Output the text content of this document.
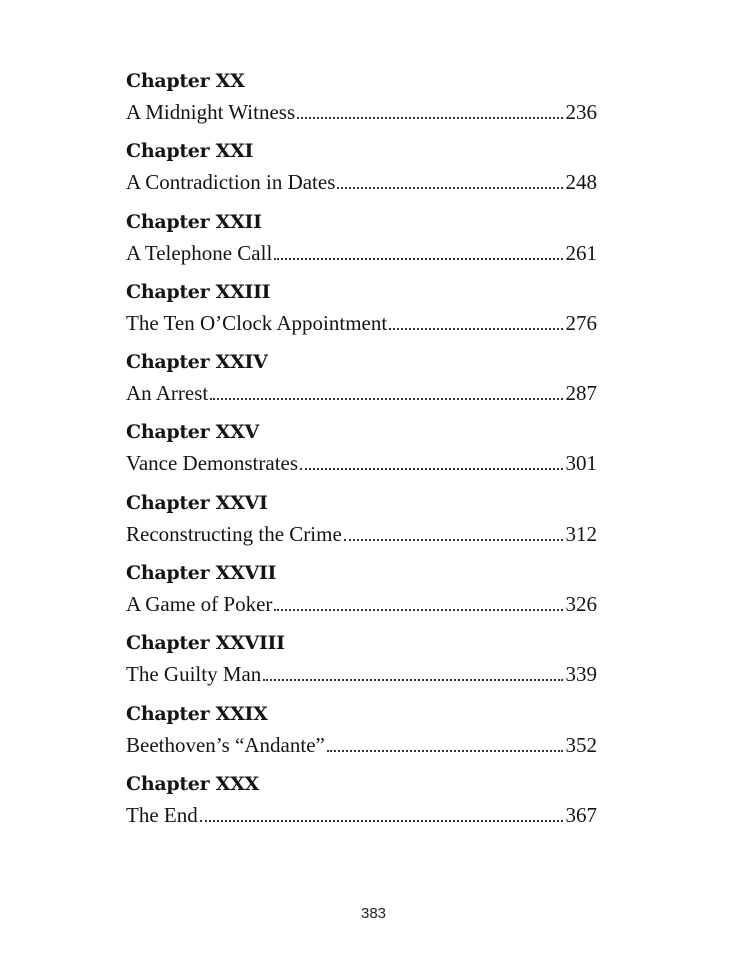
Chapter XX
A Midnight Witness	236
Chapter XXI
A Contradiction in Dates	248
Chapter XXII
A Telephone Call	261
Chapter XXIII
The Ten O’Clock Appointment	276
Chapter XXIV
An Arrest	287
Chapter XXV
Vance Demonstrates	301
Chapter XXVI
Reconstructing the Crime	312
Chapter XXVII
A Game of Poker	326
Chapter XXVIII
The Guilty Man	339
Chapter XXIX
Beethoven’s “Andante”	352
Chapter XXX
The End	367
383
